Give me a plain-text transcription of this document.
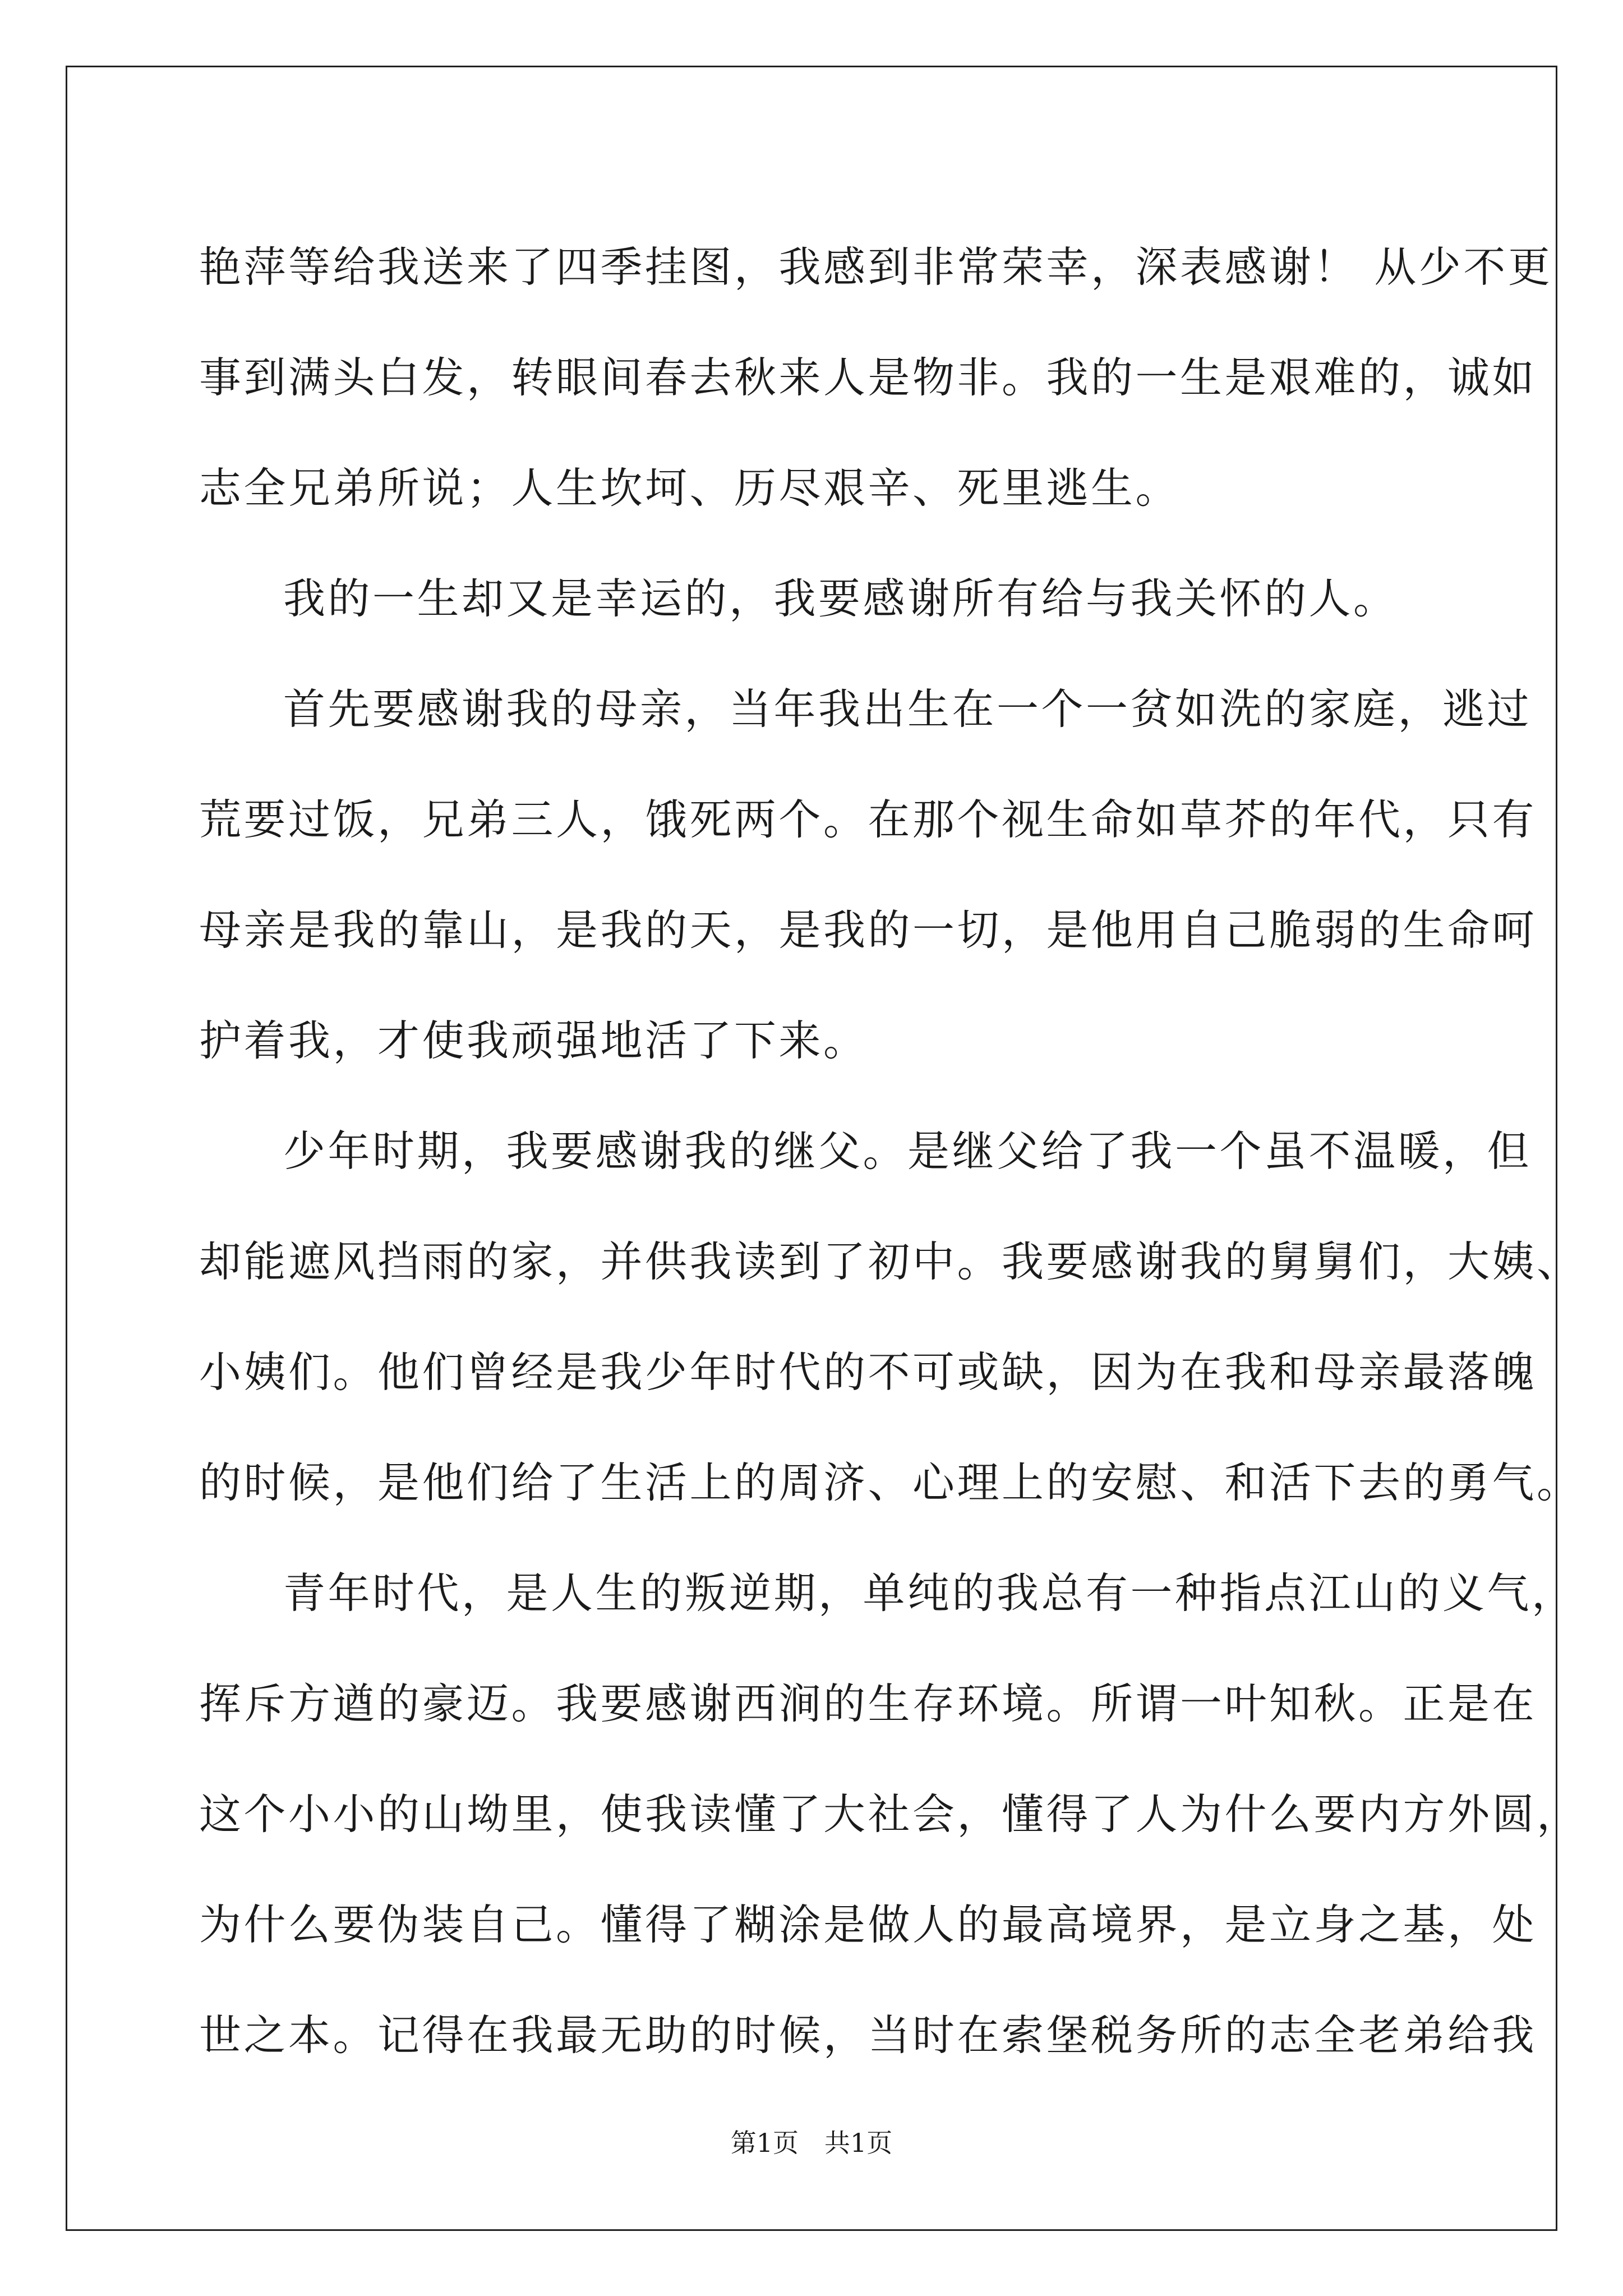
艳萍等给我送来了四季挂图，我感到非常荣幸，深表感谢！ 从少不更
事到满头白发，转眼间春去秋来人是物非。我的一生是艰难的，诚如
志全兄弟所说；人生坎坷、历尽艰辛、死里逃生。
我的一生却又是幸运的，我要感谢所有给与我关怀的人。
首先要感谢我的母亲，当年我出生在一个一贫如洗的家庭，逃过
荒要过饭，兄弟三人，饿死两个。在那个视生命如草芥的年代，只有
母亲是我的靠山，是我的天，是我的一切，是他用自己脆弱的生命呵
护着我，才使我顽强地活了下来。
少年时期，我要感谢我的继父。是继父给了我一个虽不温暖，但
却能遮风挡雨的家，并供我读到了初中。我要感谢我的舅舅们，大姨、
小姨们。他们曾经是我少年时代的不可或缺，因为在我和母亲最落魄
的时候，是他们给了生活上的周济、心理上的安慰、和活下去的勇气。
青年时代，是人生的叛逆期，单纯的我总有一种指点江山的义气，
挥斥方遒的豪迈。我要感谢西涧的生存环境。所谓一叶知秋。正是在
这个小小的山坳里，使我读懂了大社会，懂得了人为什么要内方外圆，
为什么要伪装自己。懂得了糊涂是做人的最高境界，是立身之基，处
世之本。记得在我最无助的时候，当时在索堡税务所的志全老弟给我
第1页　共1页
